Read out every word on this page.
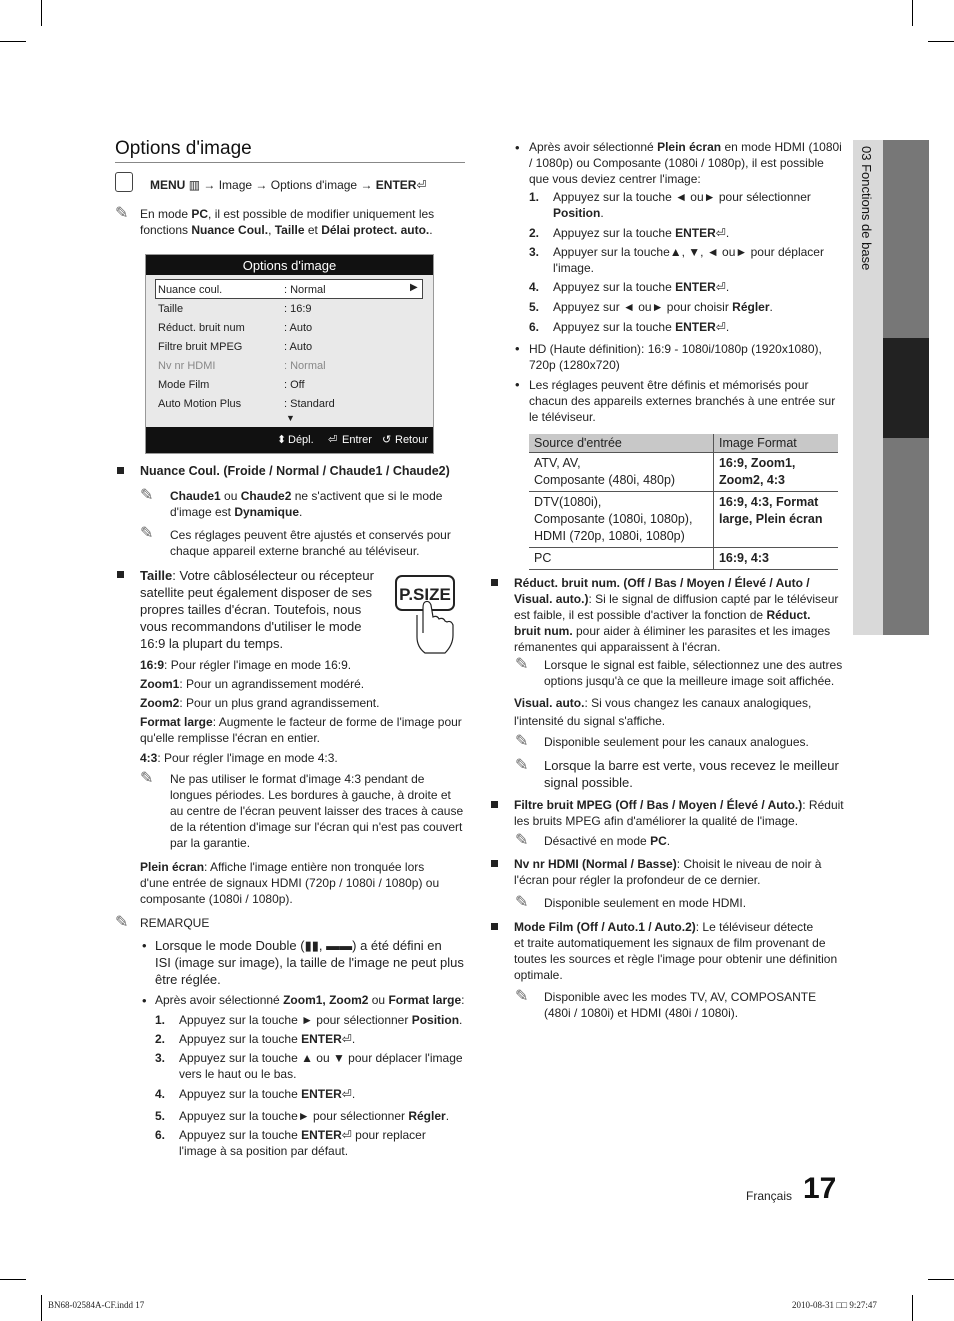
03 Fonctions de base
Options d'image
MENU ▥ → Image → Options d'image → ENTER⏎
✎ En mode PC, il est possible de modifier uniquement les
fonctions Nuance Coul., Taille et Délai protect. auto..
Options d'image
▶
Nuance coul.	: Normal
Taille	: 16:9
Réduct. bruit num	: Auto
Filtre bruit MPEG	: Auto
Nv nr HDMI	: Normal
Mode Film	: Off
Auto Motion Plus	: Standard
▼
⬍ Dépl. ⏎ Entrer ↺ Retour
Nuance Coul. (Froide / Normal / Chaude1 / Chaude2)
✎ Chaude1 ou Chaude2 ne s'activent que si le mode
d'image est Dynamique.
✎ Ces réglages peuvent être ajustés et conservés pour
chaque appareil externe branché au téléviseur.
Taille: Votre câblosélecteur ou récepteur
satellite peut également disposer de ses
propres tailles d'écran. Toutefois, nous
vous recommandons d'utiliser le mode
16:9 la plupart du temps.
P.SIZE
16:9: Pour régler l'image en mode 16:9.
Zoom1: Pour un agrandissement modéré.
Zoom2: Pour un plus grand agrandissement.
Format large: Augmente le facteur de forme de l'image pour
qu'elle remplisse l'écran en entier.
4:3: Pour régler l'image en mode 4:3.
✎ Ne pas utiliser le format d'image 4:3 pendant de
longues périodes. Les bordures à gauche, à droite et
au centre de l'écran peuvent laisser des traces à cause
de la rétention d'image sur l'écran qui n'est pas couvert
par la garantie.
Plein écran: Affiche l'image entière non tronquée lors
d'une entrée de signaux HDMI (720p / 1080i / 1080p) ou
composante (1080i / 1080p).
✎ REMARQUE
• Lorsque le mode Double (▮▮, ▬▬) a été défini en
ISI (image sur image), la taille de l'image ne peut plus
être réglée.
• Après avoir sélectionné Zoom1, Zoom2 ou Format large:
1. Appuyez sur la touche ► pour sélectionner Position.
2. Appuyez sur la touche ENTER⏎.
3. Appuyez sur la touche ▲ ou ▼ pour déplacer l'image
vers le haut ou le bas.
4. Appuyez sur la touche ENTER⏎.
5. Appuyez sur la touche► pour sélectionner Régler.
6. Appuyez sur la touche ENTER⏎ pour replacer
l'image à sa position par défaut.
• Après avoir sélectionné Plein écran en mode HDMI (1080i
/ 1080p) ou Composante (1080i / 1080p), il est possible
que vous deviez centrer l'image:
1. Appuyez sur la touche ◄ ou► pour sélectionner
Position.
2. Appuyez sur la touche ENTER⏎.
3. Appuyer sur la touche▲, ▼, ◄ ou► pour déplacer
l'image.
4. Appuyez sur la touche ENTER⏎.
5. Appuyez sur ◄ ou► pour choisir Régler.
6. Appuyez sur la touche ENTER⏎.
• HD (Haute définition): 16:9 - 1080i/1080p (1920x1080),
720p (1280x720)
• Les réglages peuvent être définis et mémorisés pour
chacun des appareils externes branchés à une entrée sur
le téléviseur.
Source d'entrée	Image Format
ATV, AV,
Composante (480i, 480p)	16:9, Zoom1,
Zoom2, 4:3
DTV(1080i),
Composante (1080i, 1080p),
HDMI (720p, 1080i, 1080p)	16:9, 4:3, Format
large, Plein écran
PC	16:9, 4:3
Réduct. bruit num. (Off / Bas / Moyen / Élevé / Auto /
Visual. auto.): Si le signal de diffusion capté par le téléviseur
est faible, il est possible d'activer la fonction de Réduct.
bruit num. pour aider à éliminer les parasites et les images
rémanentes qui apparaissent à l'écran.
✎ Lorsque le signal est faible, sélectionnez une des autres
options jusqu'à ce que la meilleure image soit affichée.
Visual. auto.: Si vous changez les canaux analogiques,
l'intensité du signal s'affiche.
✎ Disponible seulement pour les canaux analogues.
✎ Lorsque la barre est verte, vous recevez le meilleur
signal possible.
Filtre bruit MPEG (Off / Bas / Moyen / Élevé / Auto.): Réduit
les bruits MPEG afin d'améliorer la qualité de l'image.
✎ Désactivé en mode PC.
Nv nr HDMI (Normal / Basse): Choisit le niveau de noir à
l'écran pour régler la profondeur de ce dernier.
✎ Disponible seulement en mode HDMI.
Mode Film (Off / Auto.1 / Auto.2): Le téléviseur détecte
et traite automatiquement les signaux de film provenant de
toutes les sources et règle l'image pour obtenir une définition
optimale.
✎ Disponible avec les modes TV, AV, COMPOSANTE
(480i / 1080i) et HDMI (480i / 1080i).
Français 17
BN68-02584A-CF.indd 17	2010-08-31 □□ 9:27:47
